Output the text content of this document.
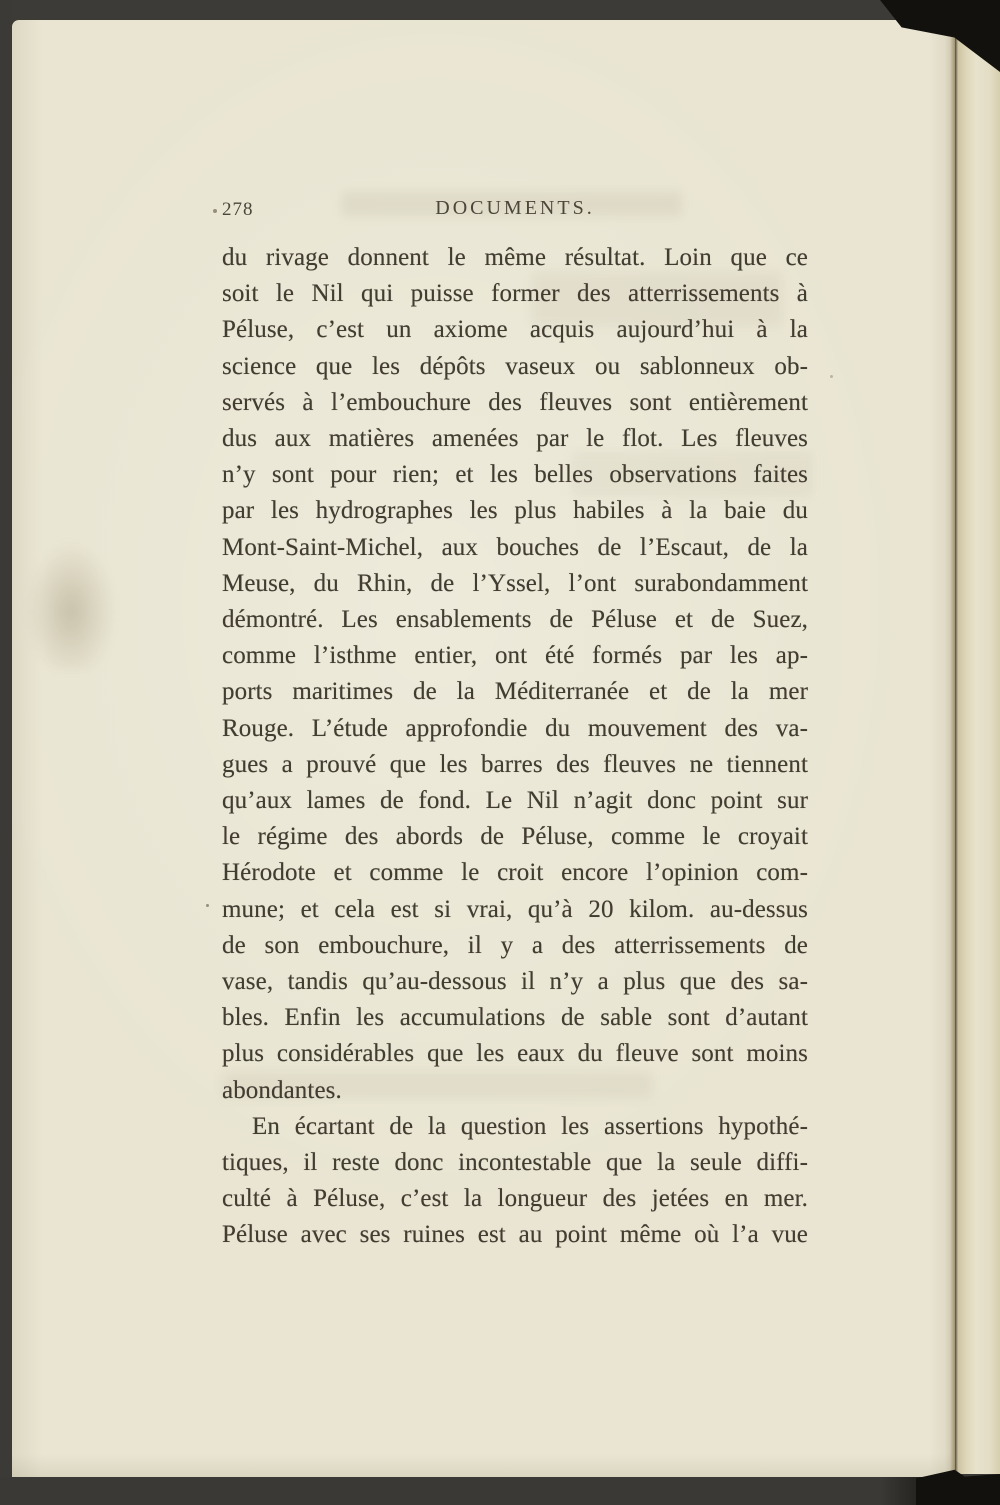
278	DOCUMENTS.
du rivage donnent le même résultat. Loin que ce
soit le Nil qui puisse former des atterrissements à
Péluse, c’est un axiome acquis aujourd’hui à la
science que les dépôts vaseux ou sablonneux ob-
servés à l’embouchure des fleuves sont entièrement
dus aux matières amenées par le flot. Les fleuves
n’y sont pour rien; et les belles observations faites
par les hydrographes les plus habiles à la baie du
Mont-Saint-Michel, aux bouches de l’Escaut, de la
Meuse, du Rhin, de l’Yssel, l’ont surabondamment
démontré. Les ensablements de Péluse et de Suez,
comme l’isthme entier, ont été formés par les ap-
ports maritimes de la Méditerranée et de la mer
Rouge. L’étude approfondie du mouvement des va-
gues a prouvé que les barres des fleuves ne tiennent
qu’aux lames de fond. Le Nil n’agit donc point sur
le régime des abords de Péluse, comme le croyait
Hérodote et comme le croit encore l’opinion com-
mune; et cela est si vrai, qu’à 20 kilom. au-dessus
de son embouchure, il y a des atterrissements de
vase, tandis qu’au-dessous il n’y a plus que des sa-
bles. Enfin les accumulations de sable sont d’autant
plus considérables que les eaux du fleuve sont moins
abondantes.
En écartant de la question les assertions hypothé-
tiques, il reste donc incontestable que la seule diffi-
culté à Péluse, c’est la longueur des jetées en mer.
Péluse avec ses ruines est au point même où l’a vue
